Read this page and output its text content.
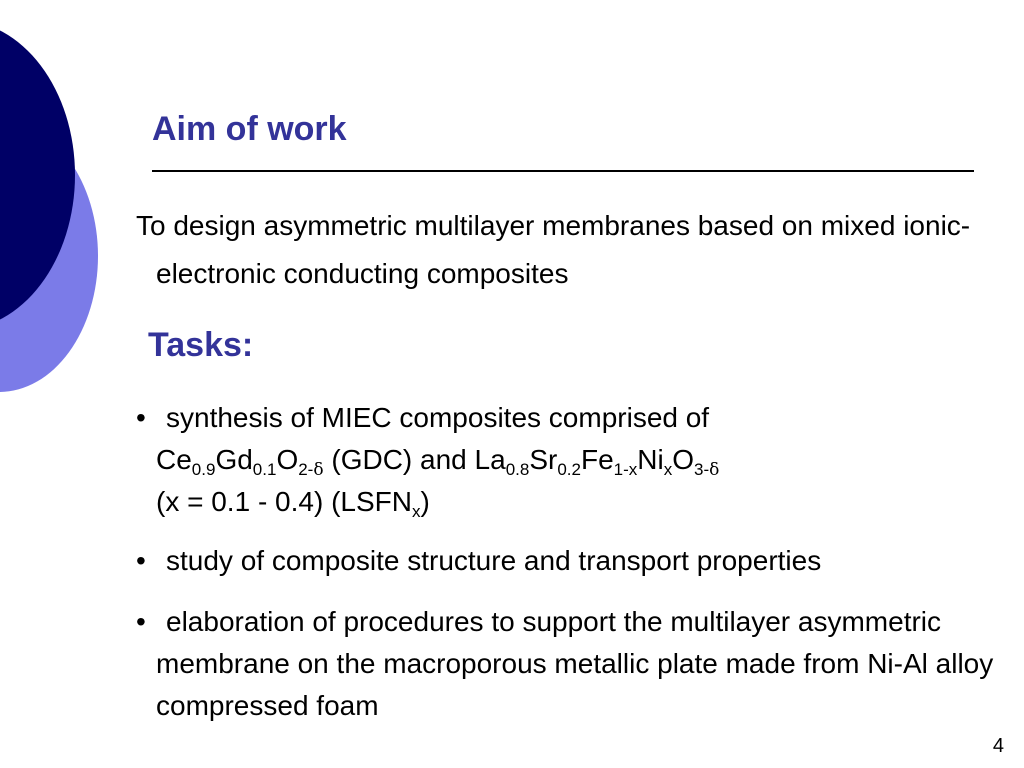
Aim of work

To design asymmetric multilayer membranes based on mixed ionic-electronic conducting composites

Tasks:
• synthesis of MIEC composites comprised of
$Ce_{0.9}Gd_{0.1}O_{2-\delta}$ (GDC) and $La_{0.8}Sr_{0.2}Fe_{1-x}Ni_xO_{3-\delta}$
(x = 0.1 - 0.4) $(LSFN_x)$
• study of composite structure and transport properties
• elaboration of procedures to support the multilayer asymmetric membrane on the macroporous metallic plate made from Ni-Al alloy compressed foam
4
